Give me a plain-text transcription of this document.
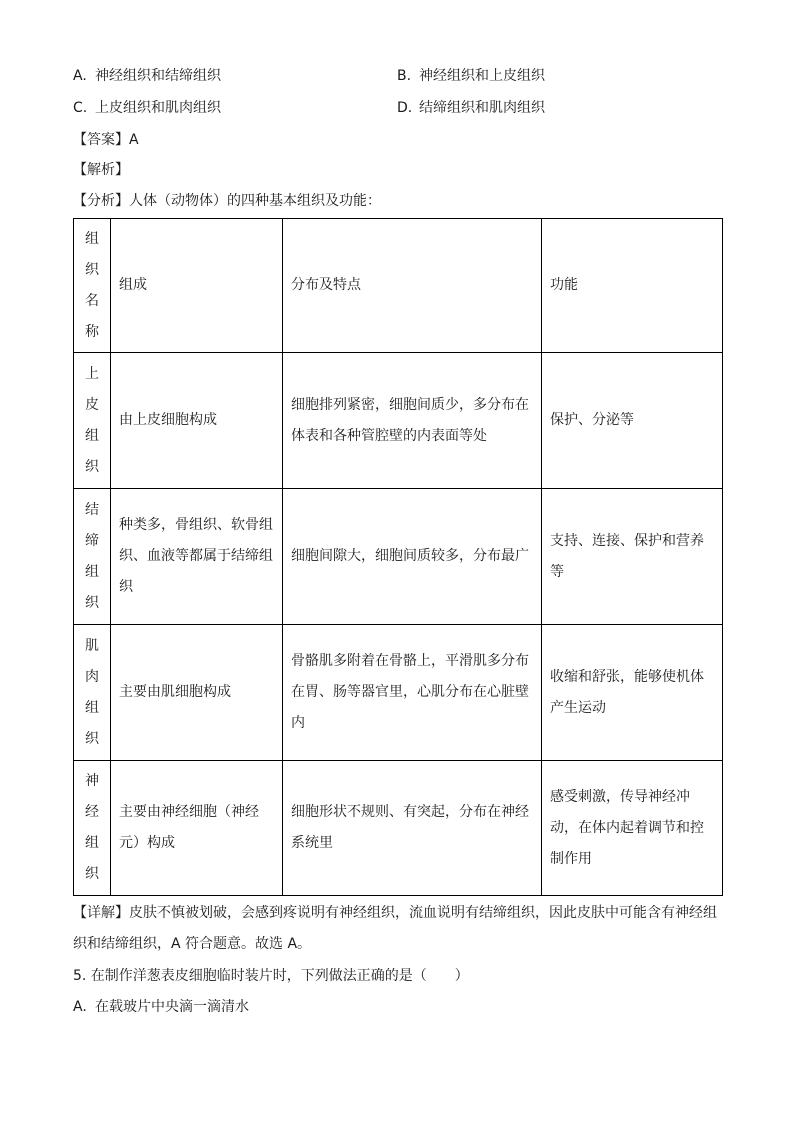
A. 神经组织和结缔组织	B. 神经组织和上皮组织
C. 上皮组织和肌肉组织	D. 结缔组织和肌肉组织
【答案】A
【解析】
【分析】人体（动物体）的四种基本组织及功能：
组
织
名
称	组成	分布及特点	功能

上
皮
组
织	由上皮细胞构成	细胞排列紧密，细胞间质少，多分布在体表和各种管腔壁的内表面等处	保护、分泌等

结
缔
组
织	种类多，骨组织、软骨组织、血液等都属于结缔组织	细胞间隙大，细胞间质较多，分布最广	支持、连接、保护和营养等

肌
肉
组
织	主要由肌细胞构成	骨骼肌多附着在骨骼上，平滑肌多分布在胃、肠等器官里，心肌分布在心脏壁内	收缩和舒张，能够使机体产生运动

神
经
组
织	主要由神经细胞（神经元）构成	细胞形状不规则、有突起，分布在神经系统里	感受刺激，传导神经冲动，在体内起着调节和控制作用
【详解】皮肤不慎被划破，会感到疼说明有神经组织，流血说明有结缔组织，因此皮肤中可能含有神经组织和结缔组织，A 符合题意。故选 A。
5. 在制作洋葱表皮细胞临时装片时，下列做法正确的是（　　）
A. 在载玻片中央滴一滴清水
